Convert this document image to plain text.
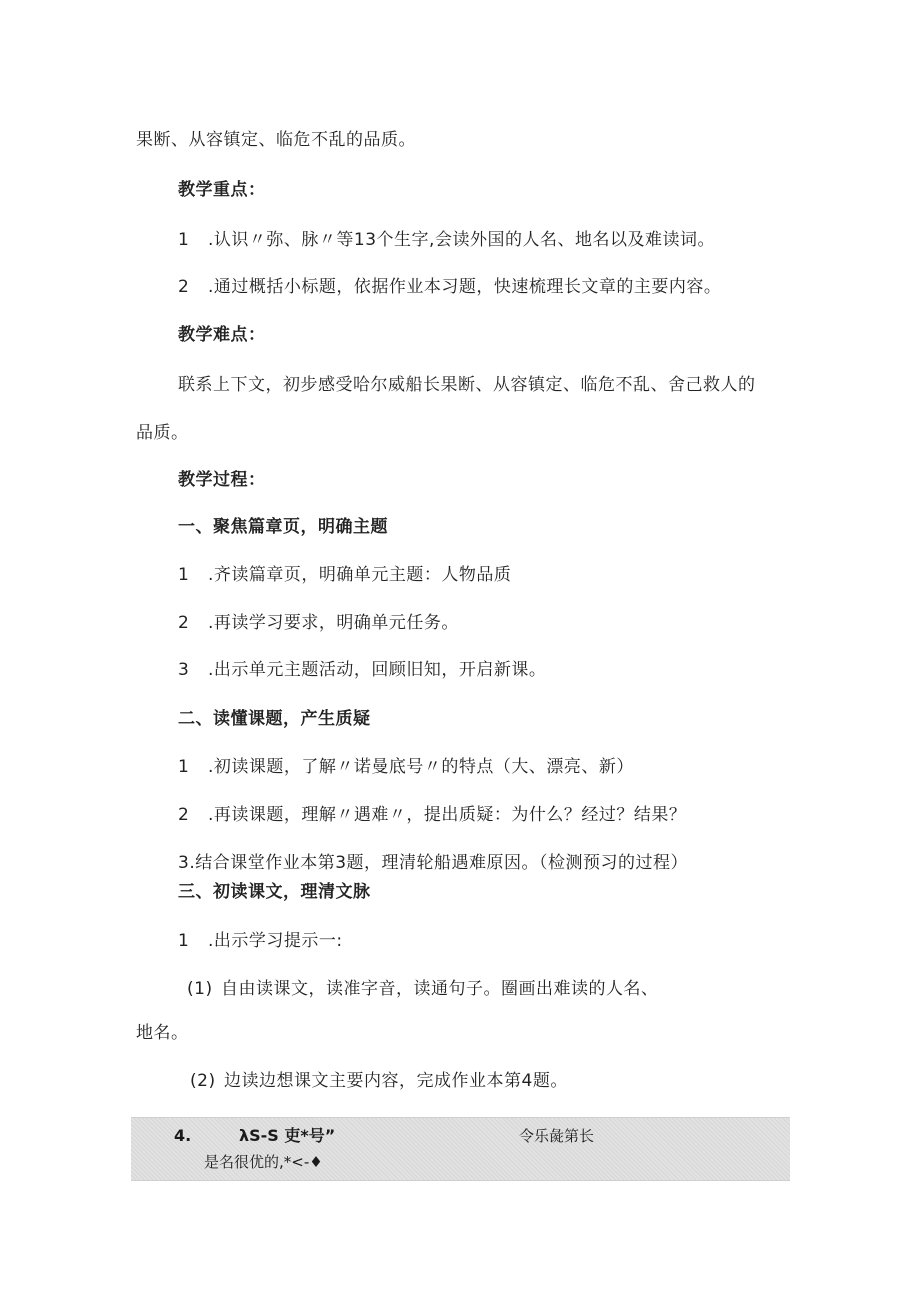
果断、从容镇定、临危不乱的品质。
教学重点：
1 .认识〃弥、脉〃等13个生字,会读外国的人名、地名以及难读词。
2 .通过概括小标题，依据作业本习题，快速梳理长文章的主要内容。
教学难点：
联系上下文，初步感受哈尔威船长果断、从容镇定、临危不乱、舍己救人的
品质。
教学过程：
一、聚焦篇章页，明确主题
1 .齐读篇章页，明确单元主题：人物品质
2 .再读学习要求，明确单元任务。
3 .出示单元主题活动，回顾旧知，开启新课。
二、读懂课题，产生质疑
1 .初读课题，了解〃诺曼底号〃的特点（大、漂亮、新）
2 .再读课题，理解〃遇难〃，提出质疑：为什么？经过？结果？
3.结合课堂作业本第3题，理清轮船遇难原因。（检测预习的过程）
三、初读课文，理清文脉
1 .出示学习提示一:
(1) 自由读课文，读准字音，读通句子。圈画出难读的人名、
地名。
(2) 边读边想课文主要内容，完成作业本第4题。
4.	λS-S 吏*号”	令乐彘第长
是名很优的,*<-♦
